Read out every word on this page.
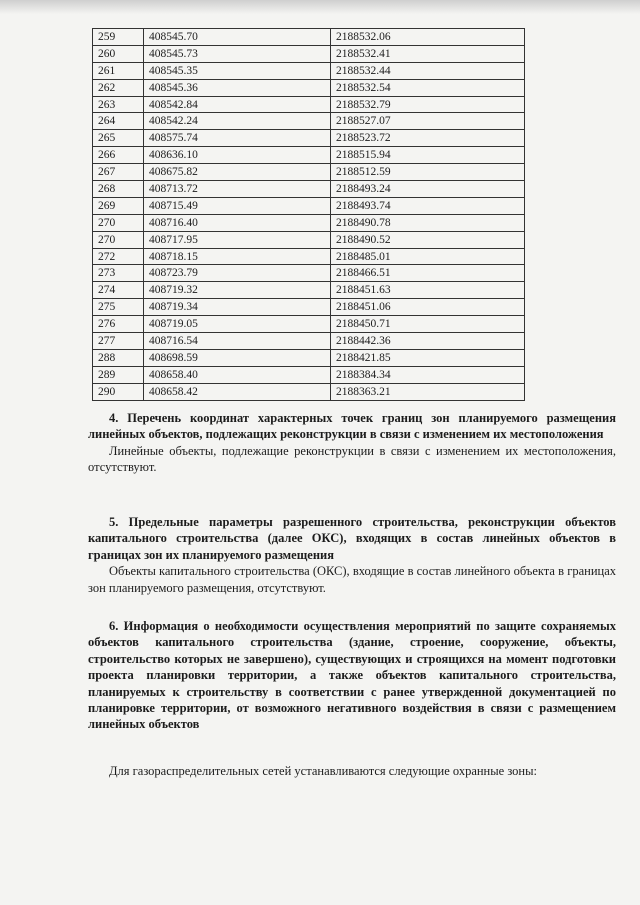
259	408545.70	2188532.06
260	408545.73	2188532.41
261	408545.35	2188532.44
262	408545.36	2188532.54
263	408542.84	2188532.79
264	408542.24	2188527.07
265	408575.74	2188523.72
266	408636.10	2188515.94
267	408675.82	2188512.59
268	408713.72	2188493.24
269	408715.49	2188493.74
270	408716.40	2188490.78
270	408717.95	2188490.52
272	408718.15	2188485.01
273	408723.79	2188466.51
274	408719.32	2188451.63
275	408719.34	2188451.06
276	408719.05	2188450.71
277	408716.54	2188442.36
288	408698.59	2188421.85
289	408658.40	2188384.34
290	408658.42	2188363.21
4. Перечень координат характерных точек границ зон планируемого размещения линейных объектов, подлежащих реконструкции в связи с изменением их местоположения
Линейные объекты, подлежащие реконструкции в связи с изменением их местоположения, отсутствуют.
5. Предельные параметры разрешенного строительства, реконструкции объектов капитального строительства (далее ОКС), входящих в состав линейных объектов в границах зон их планируемого размещения
Объекты капитального строительства (ОКС), входящие в состав линейного объекта в границах зон планируемого размещения, отсутствуют.
6. Информация о необходимости осуществления мероприятий по защите сохраняемых объектов капитального строительства (здание, строение, сооружение, объекты, строительство которых не завершено), существующих и строящихся на момент подготовки проекта планировки территории, а также объектов капитального строительства, планируемых к строительству в соответствии с ранее утвержденной документацией по планировке территории, от возможного негативного воздействия в связи с размещением линейных объектов
Для газораспределительных сетей устанавливаются следующие охранные зоны:
